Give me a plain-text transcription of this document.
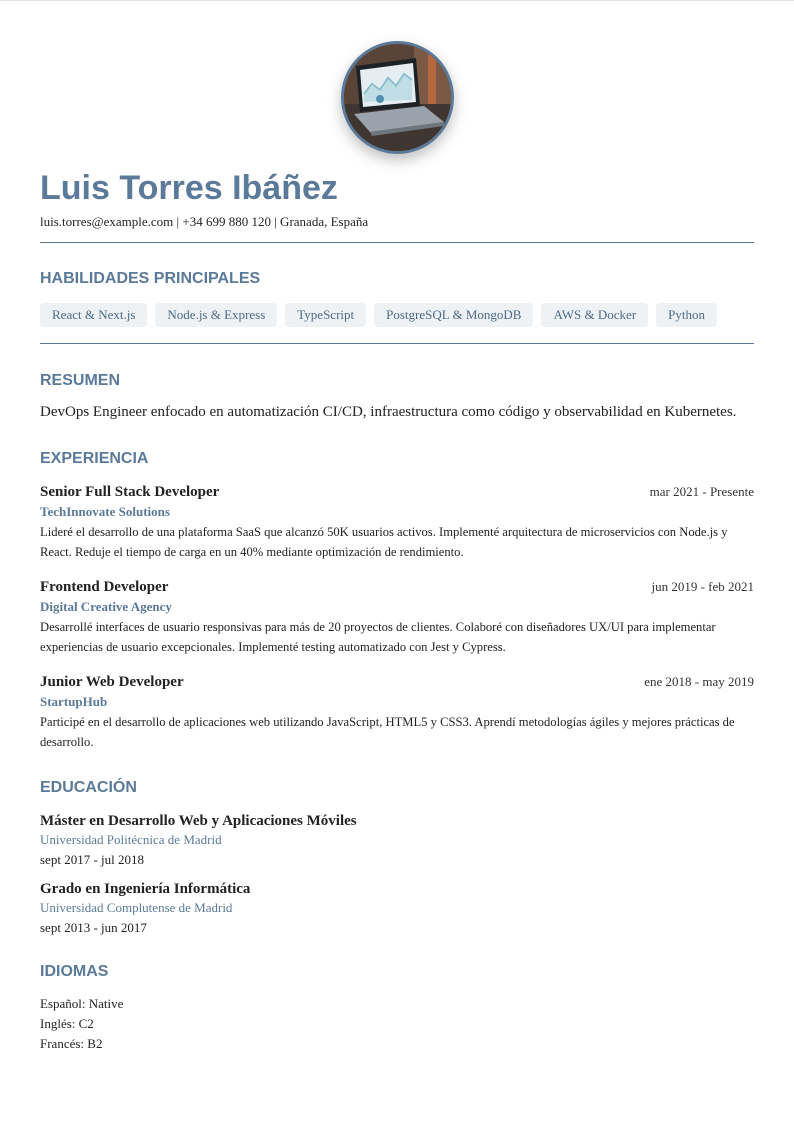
Luis Torres Ibáñez
luis.torres@example.com | +34 699 880 120 | Granada, España
HABILIDADES PRINCIPALES
React & Next.js	Node.js & Express	TypeScript	PostgreSQL & MongoDB	AWS & Docker	Python
RESUMEN
DevOps Engineer enfocado en automatización CI/CD, infraestructura como código y observabilidad en Kubernetes.
EXPERIENCIA
Senior Full Stack Developer	mar 2021 - Presente
TechInnovate Solutions
Lideré el desarrollo de una plataforma SaaS que alcanzó 50K usuarios activos. Implementé arquitectura de microservicios con Node.js y React. Reduje el tiempo de carga en un 40% mediante optimización de rendimiento.
Frontend Developer	jun 2019 - feb 2021
Digital Creative Agency
Desarrollé interfaces de usuario responsivas para más de 20 proyectos de clientes. Colaboré con diseñadores UX/UI para implementar experiencias de usuario excepcionales. Implementé testing automatizado con Jest y Cypress.
Junior Web Developer	ene 2018 - may 2019
StartupHub
Participé en el desarrollo de aplicaciones web utilizando JavaScript, HTML5 y CSS3. Aprendí metodologías ágiles y mejores prácticas de desarrollo.
EDUCACIÓN
Máster en Desarrollo Web y Aplicaciones Móviles
Universidad Politécnica de Madrid
sept 2017 - jul 2018
Grado en Ingeniería Informática
Universidad Complutense de Madrid
sept 2013 - jun 2017
IDIOMAS
Español: Native
Inglés: C2
Francés: B2
